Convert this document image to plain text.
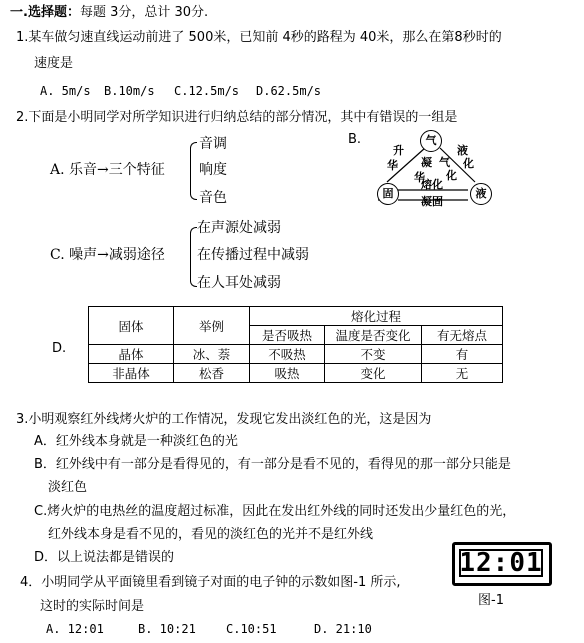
一.选择题：每题 3分，总计 30分.
1.某车做匀速直线运动前进了 500米，已知前 4秒的路程为 40米，那么在第8秒时的
速度是
A. 5m/s B.10m/s C.12.5m/s D.62.5m/s
2.下面是小明同学对所学知识进行归纳总结的部分情况，其中有错误的一组是
A. 乐音→三个特征
音调
响度
音色
B.	气
固	液
升
华 凝
华
气
化
液
化
熔化
凝固
C. 噪声→减弱途径
在声源处减弱
在传播过程中减弱
在人耳处减弱
D.
固体	举例	熔化过程		
		是否吸热	温度是否变化	有无熔点
晶体	冰、萘	不吸热	不变	有
非晶体	松香	吸热	变化	无
3.小明观察红外线烤火炉的工作情况，发现它发出淡红色的光，这是因为
A．红外线本身就是一种淡红色的光
B．红外线中有一部分是看得见的，有一部分是看不见的，看得见的那一部分只能是
淡红色
C.烤火炉的电热丝的温度超过标准，因此在发出红外线的同时还发出少量红色的光，
红外线本身是看不见的，看见的淡红色的光并不是红外线
D．以上说法都是错误的
4．小明同学从平面镜里看到镜子对面的电子钟的示数如图-1 所示,
这时的实际时间是
A. 12:01	B. 10:21	C.10:51	D. 21:10
12:01
图-1
